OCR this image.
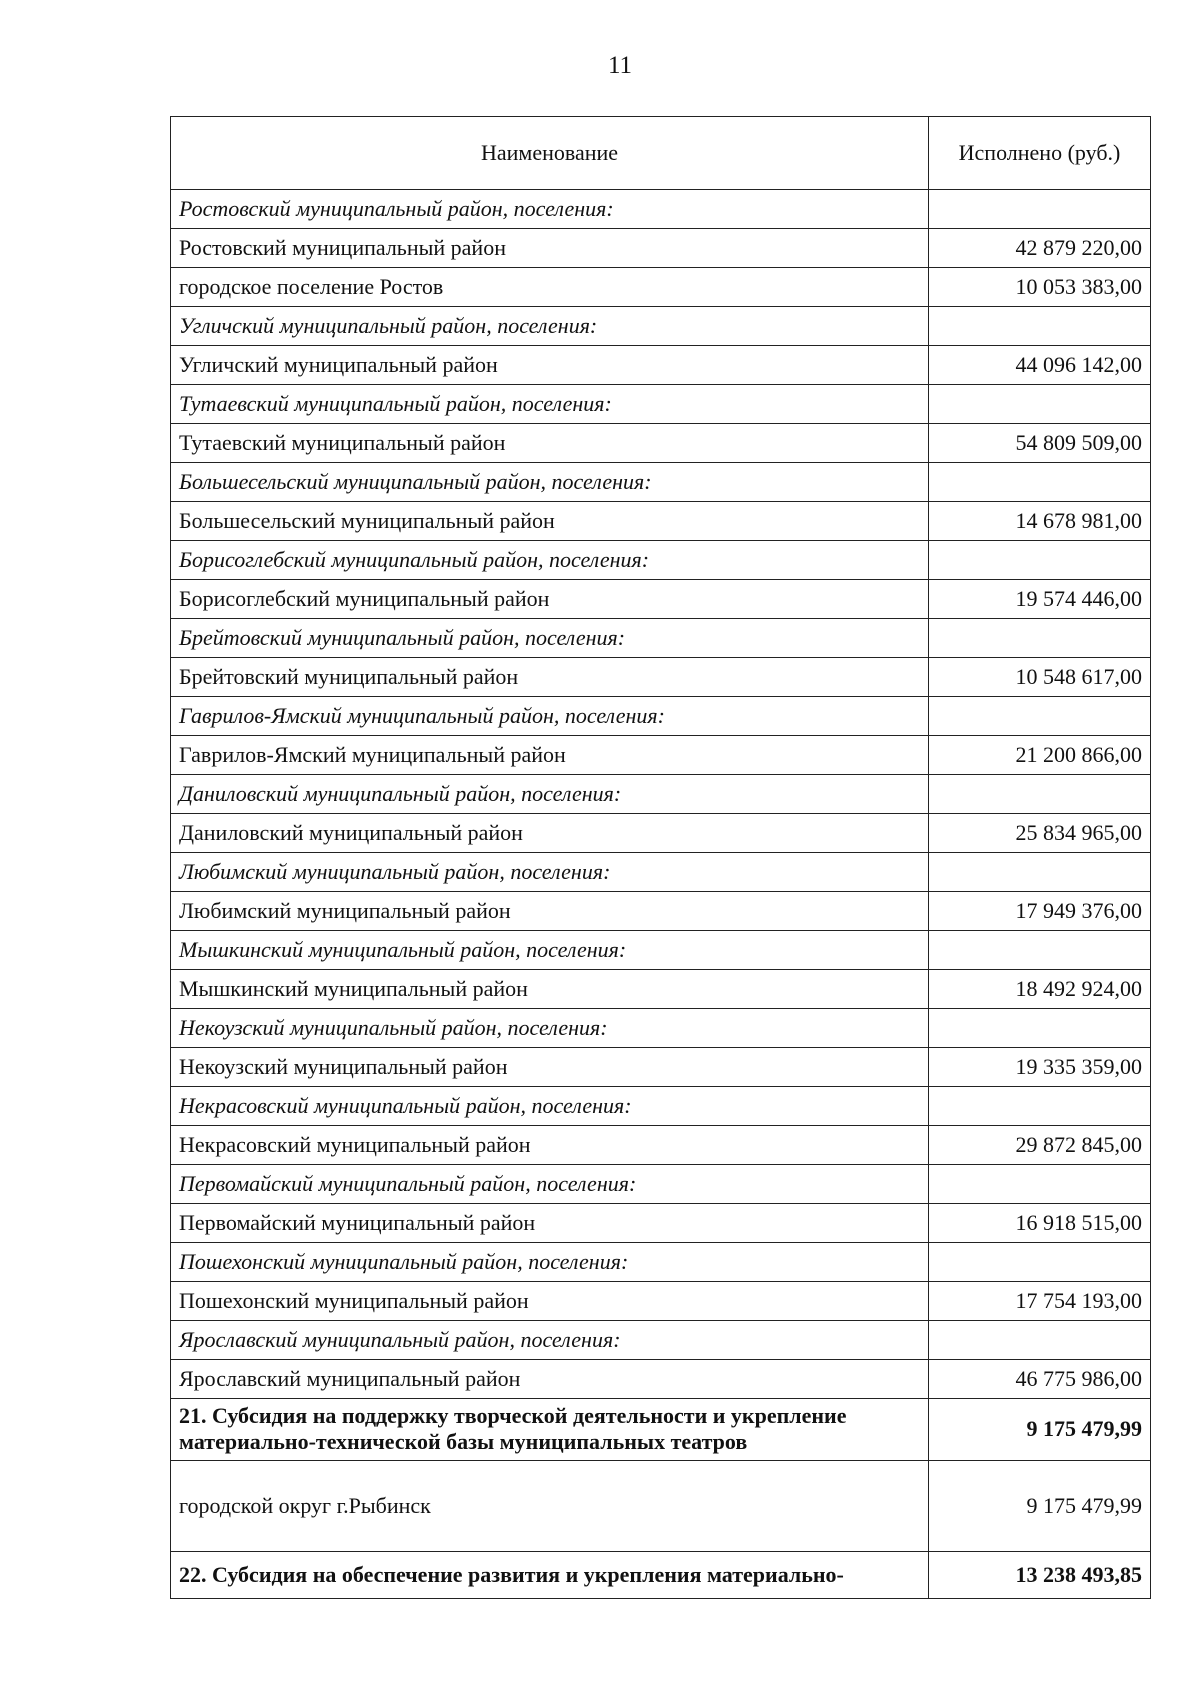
11
Наименование	Исполнено (руб.)
Ростовский муниципальный район, поселения:	
Ростовский муниципальный район	42 879 220,00
городское поселение Ростов	10 053 383,00
Угличский муниципальный район, поселения:	
Угличский муниципальный район	44 096 142,00
Тутаевский муниципальный район, поселения:	
Тутаевский муниципальный район	54 809 509,00
Большесельский муниципальный район, поселения:	
Большесельский муниципальный район	14 678 981,00
Борисоглебский муниципальный район, поселения:	
Борисоглебский муниципальный район	19 574 446,00
Брейтовский муниципальный район, поселения:	
Брейтовский муниципальный район	10 548 617,00
Гаврилов-Ямский муниципальный район, поселения:	
Гаврилов-Ямский муниципальный район	21 200 866,00
Даниловский муниципальный район, поселения:	
Даниловский муниципальный район	25 834 965,00
Любимский муниципальный район, поселения:	
Любимский муниципальный район	17 949 376,00
Мышкинский муниципальный район, поселения:	
Мышкинский муниципальный район	18 492 924,00
Некоузский муниципальный район, поселения:	
Некоузский муниципальный район	19 335 359,00
Некрасовский муниципальный район, поселения:	
Некрасовский муниципальный район	29 872 845,00
Первомайский муниципальный район, поселения:	
Первомайский муниципальный район	16 918 515,00
Пошехонский муниципальный район, поселения:	
Пошехонский муниципальный район	17 754 193,00
Ярославский муниципальный район, поселения:	
Ярославский муниципальный район	46 775 986,00
21. Субсидия на поддержку творческой деятельности и укрепление материально-технической базы муниципальных театров	9 175 479,99
городской округ г.Рыбинск	9 175 479,99
22. Субсидия на обеспечение развития и укрепления материально-	13 238 493,85
